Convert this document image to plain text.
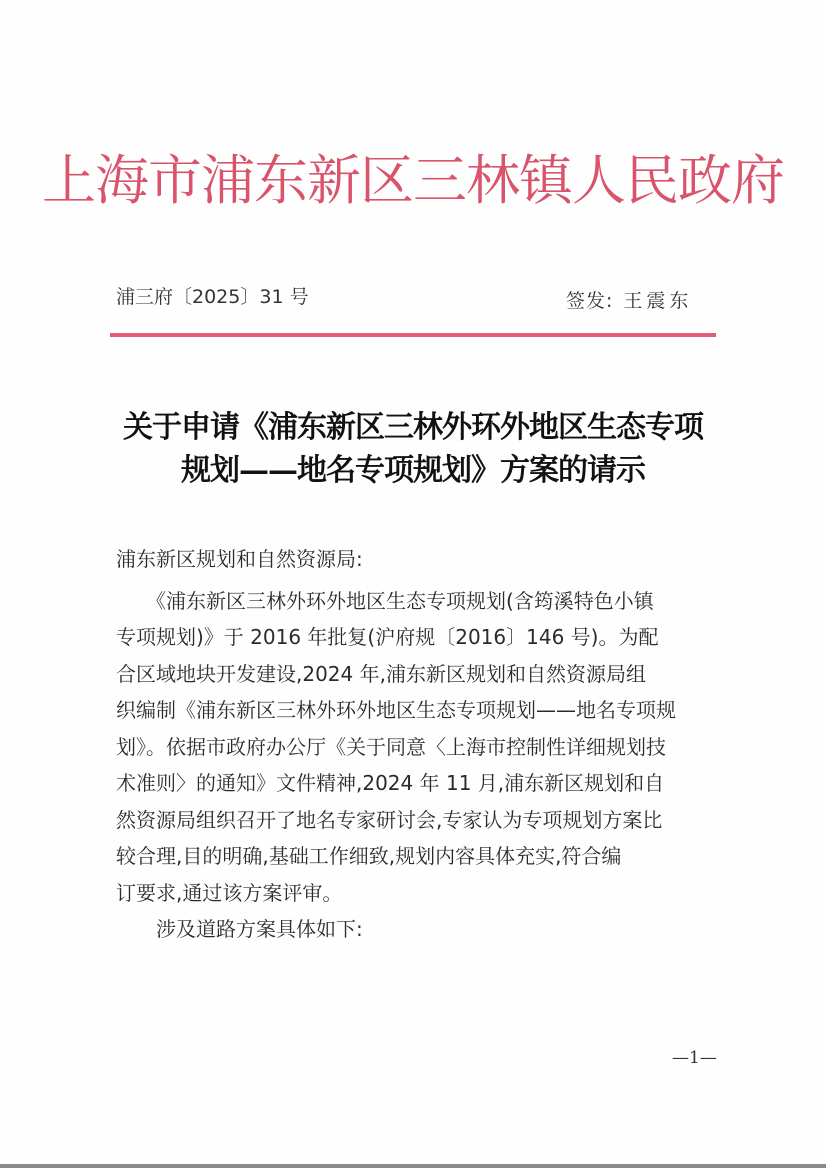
上海市浦东新区三林镇人民政府
浦三府〔2025〕31 号	签发: 王震东
关于申请《浦东新区三林外环外地区生态专项
规划——地名专项规划》方案的请示
浦东新区规划和自然资源局:
　　《浦东新区三林外环外地区生态专项规划(含筠溪特色小镇
专项规划)》于 2016 年批复(沪府规〔2016〕146 号)。为配
合区域地块开发建设,2024 年,浦东新区规划和自然资源局组
织编制《浦东新区三林外环外地区生态专项规划——地名专项规
划》。依据市政府办公厅《关于同意〈上海市控制性详细规划技
术准则〉的通知》文件精神,2024 年 11 月,浦东新区规划和自
然资源局组织召开了地名专家研讨会,专家认为专项规划方案比
较合理,目的明确,基础工作细致,规划内容具体充实,符合编
订要求,通过该方案评审。
　　涉及道路方案具体如下:
—1—
